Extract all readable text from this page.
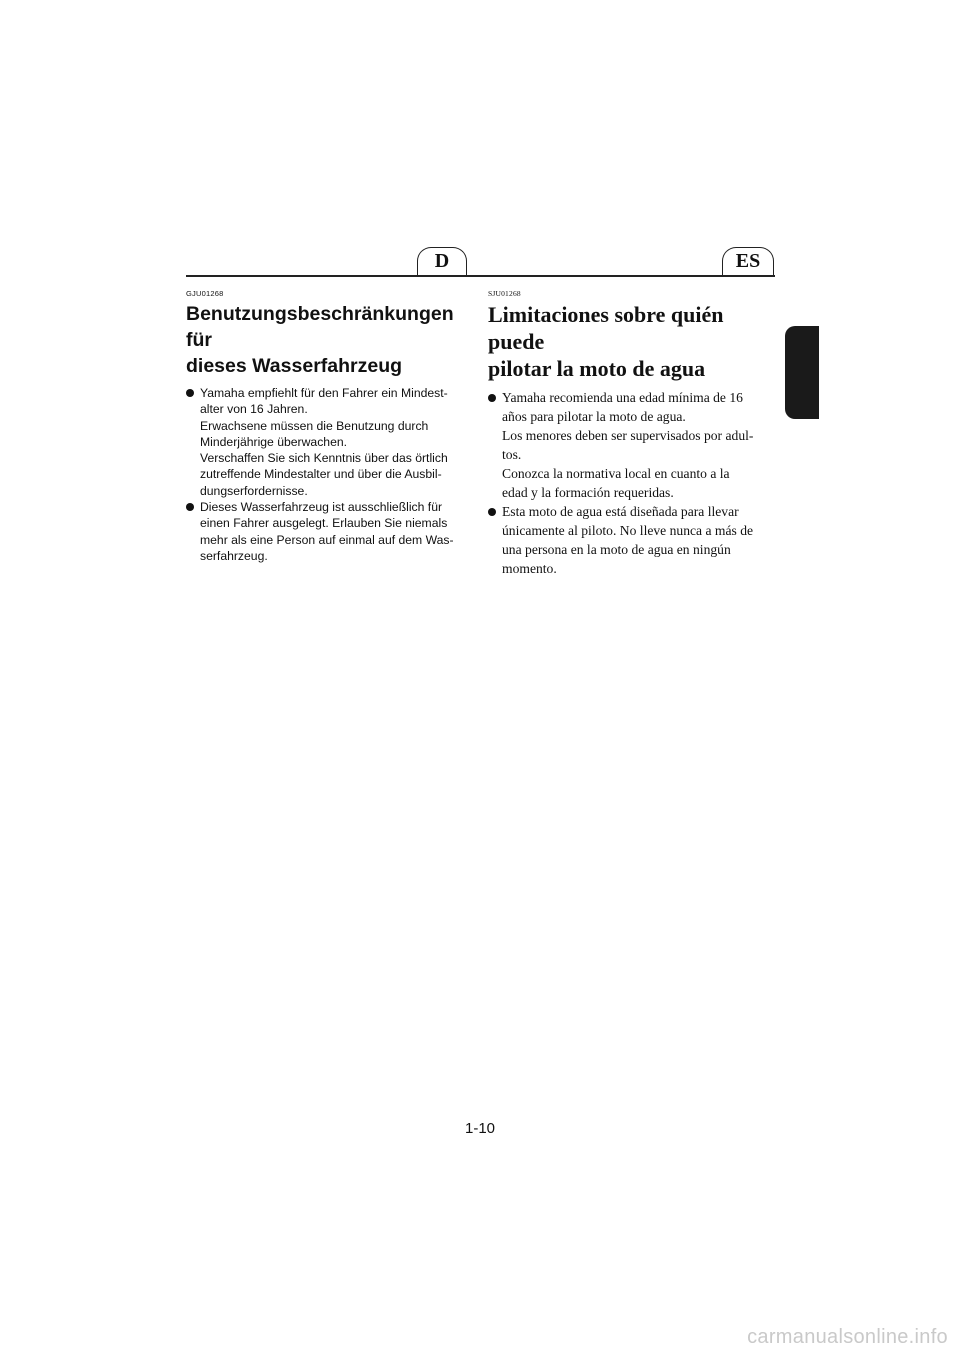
D	ES
GJU01268
Benutzungsbeschränkungen für
dieses Wasserfahrzeug

Yamaha empfiehlt für den Fahrer ein Mindest-
alter von 16 Jahren.
Erwachsene müssen die Benutzung durch
Minderjährige überwachen.
Verschaffen Sie sich Kenntnis über das örtlich
zutreffende Mindestalter und über die Ausbil-
dungserfordernisse.

Dieses Wasserfahrzeug ist ausschließlich für
einen Fahrer ausgelegt. Erlauben Sie niemals
mehr als eine Person auf einmal auf dem Was-
serfahrzeug.

SJU01268
Limitaciones sobre quién puede
pilotar la moto de agua

Yamaha recomienda una edad mínima de 16
años para pilotar la moto de agua.
Los menores deben ser supervisados por adul-
tos.
Conozca la normativa local en cuanto a la
edad y la formación requeridas.

Esta moto de agua está diseñada para llevar
únicamente al piloto. No lleve nunca a más de
una persona en la moto de agua en ningún
momento.

1-10
carmanualsonline.info
